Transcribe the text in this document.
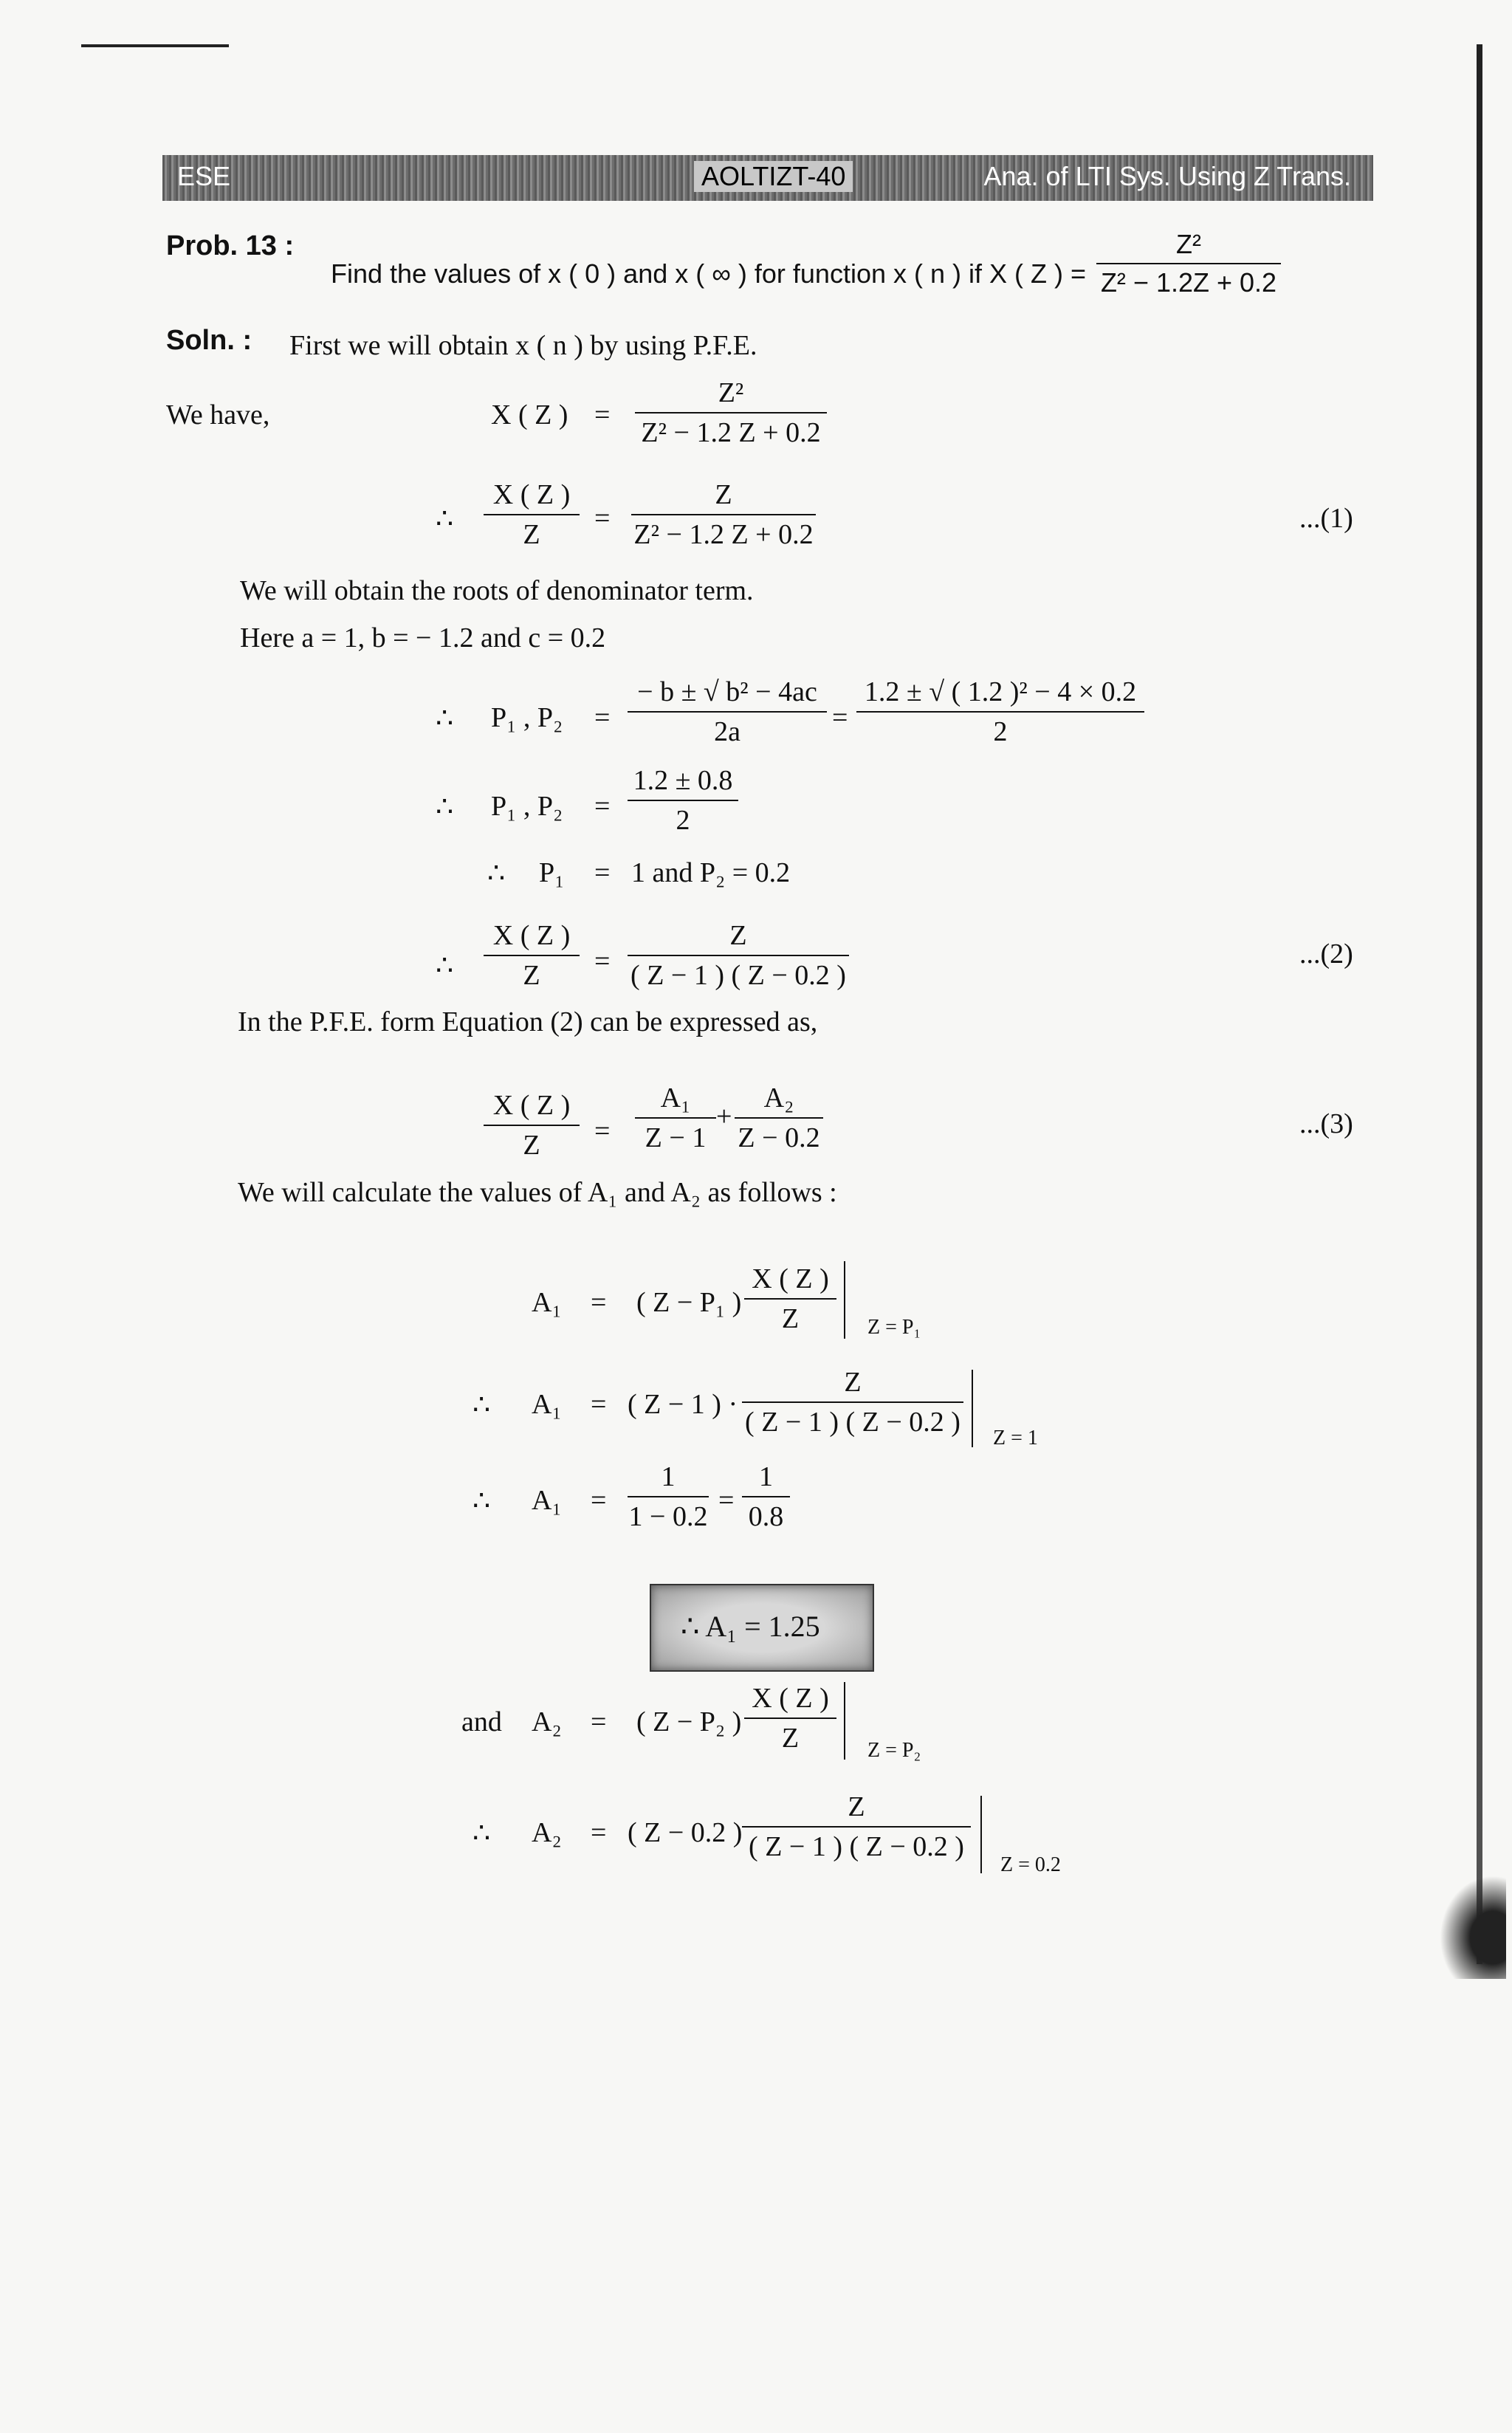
ESE	AOLTIZT-40	Ana. of LTI Sys. Using Z Trans.
Prob. 13 :
Find the values of x ( 0 ) and x ( ∞ ) for function x ( n ) if X ( Z ) =
Z²
Z² − 1.2Z + 0.2
Soln. : First we will obtain x ( n ) by using P.F.E.
We have,	X ( Z ) =
Z²
Z² − 1.2 Z + 0.2
∴
X ( Z )
Z
=
Z
Z² − 1.2 Z + 0.2
...(1)
We will obtain the roots of denominator term.
Here a = 1, b = − 1.2 and c = 0.2
∴ P₁ , P₂ =
− b ± √ b² − 4ac
2a	=
1.2 ± √ ( 1.2 )² − 4 × 0.2
2
∴ P₁ , P₂ =
1.2 ± 0.8
2
∴ P₁ = 1 and P₂ = 0.2
∴
X ( Z )
Z	=
Z
( Z − 1 ) ( Z − 0.2 )
...(2)
In the P.F.E. form Equation (2) can be expressed as,
X ( Z )
Z	=
A₁
Z − 1
+
A₂
Z − 0.2	...(3)
We will calculate the values of A₁ and A₂ as follows :
A₁ = ( Z − P₁ )
X ( Z )
Z	Z = P₁
∴ A₁ = ( Z − 1 ) ·
Z
( Z − 1 ) ( Z − 0.2 )
Z = 1
∴ A₁ =
1
1 − 0.2
=
1
0.8
∴ A₁ = 1.25
and A₂ = ( Z − P₂ )
X ( Z )
Z	Z = P₂
∴ A₂ = ( Z − 0.2 )
Z
( Z − 1 ) ( Z − 0.2 )
Z = 0.2
